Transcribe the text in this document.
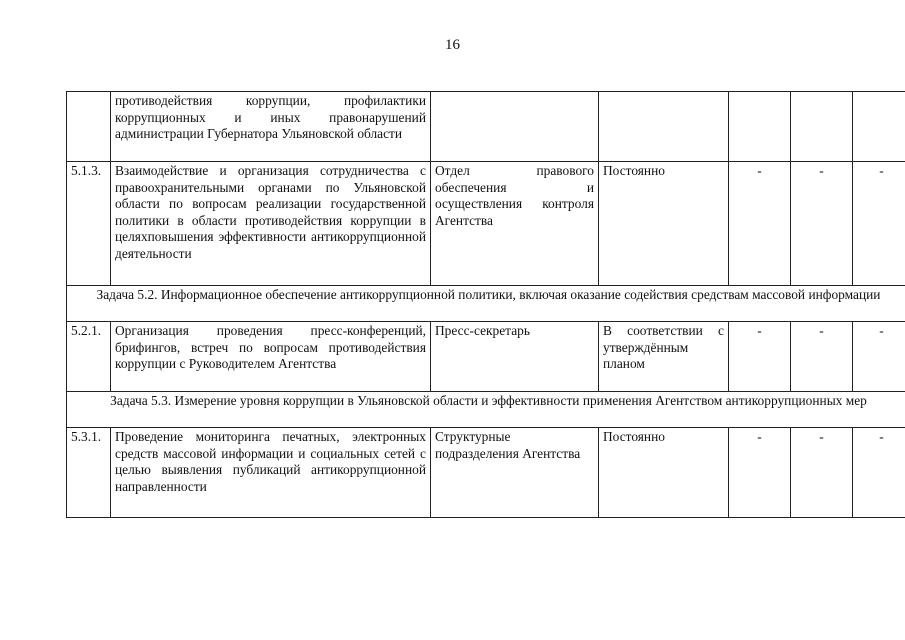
16
	противодействия коррупции, профилактики коррупционных и иных правонарушений администрации Губернатора Ульяновской области					
5.1.3.	Взаимодействие и организация сотрудничества с правоохранительными органами по Ульяновской области по вопросам реализации государственной политики в области противодействия коррупции в целяхповышения эффективности антикоррупционной деятельности	Отдел правового обеспечения и осуществления контроля Агентства	Постоянно	-	-	-
Задача 5.2. Информационное обеспечение антикоррупционной политики, включая оказание содействия средствам массовой информации						
5.2.1.	Организация проведения пресс-конференций, брифингов, встреч по вопросам противодействия коррупции с Руководителем Агентства	Пресс-секретарь	В соответствии с утверждённым планом	-	-	-
Задача 5.3. Измерение уровня коррупции в Ульяновской области и эффективности применения Агентством антикоррупционных мер						
5.3.1.	Проведение мониторинга печатных, электронных средств массовой информации и социальных сетей с целью выявления публикаций антикоррупционной направленности	Структурные подразделения Агентства	Постоянно	-	-	-
